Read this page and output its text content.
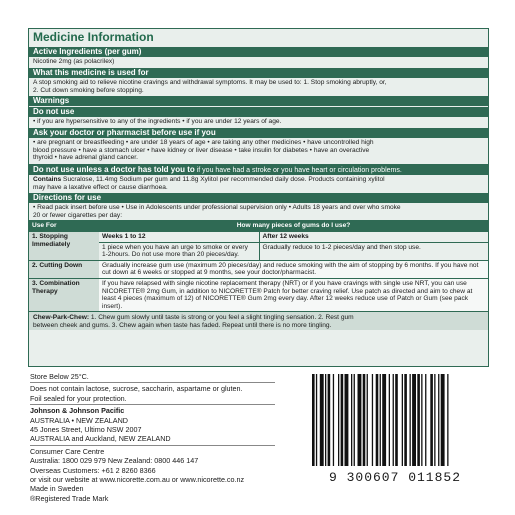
Medicine Information
Active Ingredients (per gum)
Nicotine 2mg (as polacrilex)
What this medicine is used for
A stop smoking aid to relieve nicotine cravings and withdrawal symptoms. It may be used to: 1. Stop smoking abruptly, or,
2. Cut down smoking before stopping.
Warnings
Do not use
• if you are hypersensitive to any of the ingredients • if you are under 12 years of age.
Ask your doctor or pharmacist before use if you
• are pregnant or breastfeeding • are under 18 years of age • are taking any other medicines • have uncontrolled high
blood pressure • have a stomach ulcer • have kidney or liver disease • take insulin for diabetes • have an overactive
thyroid • have adrenal gland cancer.
Do not use unless a doctor has told you to if you have had a stroke or you have heart or circulation problems.
Contains Sucralose, 11.4mg Sodium per gum and 11.8g Xylitol per recommended daily dose. Products containing xylitol
may have a laxative effect or cause diarrhoea.
Directions for use
• Read pack insert before use • Use in Adolescents under professional supervision only • Adults 18 years and over who smoke
20 or fewer cigarettes per day:
Use For	How many pieces of gums do I use?	
1. Stopping Immediately	Weeks 1 to 12	After 12 weeks
	1 piece when you have an urge to smoke or every 1-2hours. Do not use more than 20 pieces/day.	Gradually reduce to 1-2 pieces/day and then stop use.
2. Cutting Down	Gradually increase gum use (maximum 20 pieces/day) and reduce smoking with the aim of stopping by 6 months. If you have not cut down at 6 weeks or stopped at 9 months, see your doctor/pharmacist.	
3. Combination Therapy	If you have relapsed with single nicotine replacement therapy (NRT) or if you have cravings with single use NRT, you can use NICORETTE® 2mg Gum, in addition to NICORETTE® Patch for better craving relief. Use patch as directed and aim to chew at least 4 pieces (maximum of 12) of NICORETTE® Gum 2mg every day. After 12 weeks reduce use of Patch or Gum (see pack insert).	
Chew-Park-Chew: 1. Chew gum slowly until taste is strong or you feel a slight tingling sensation. 2. Rest gum
between cheek and gums. 3. Chew again when taste has faded. Repeat until there is no more tingling.
Store Below 25°C.
Does not contain lactose, sucrose, saccharin, aspartame or gluten.
Foil sealed for your protection.
Johnson & Johnson Pacific
AUSTRALIA • NEW ZEALAND
45 Jones Street, Ultimo NSW 2007
AUSTRALIA and Auckland, NEW ZEALAND
Consumer Care Centre
Australia: 1800 029 979 New Zealand: 0800 446 147
Overseas Customers: +61 2 8260 8366
or visit our website at www.nicorette.com.au or www.nicorette.co.nz
Made in Sweden
®Registered Trade Mark
9 300607 011852
